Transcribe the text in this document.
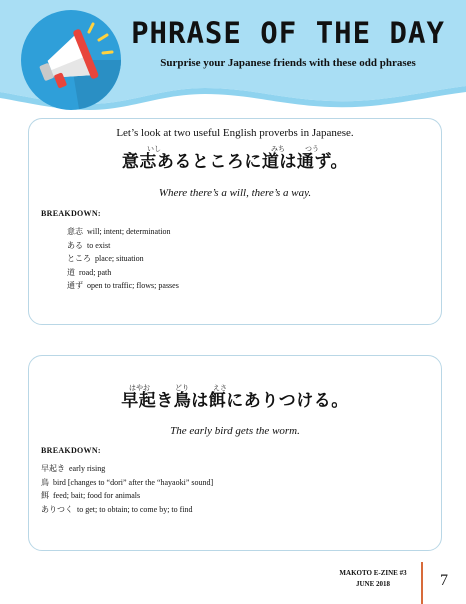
PHRASE OF THE DAY
Surprise your Japanese friends with these odd phrases
Let’s look at two useful English proverbs in Japanese.
いし	みち	つう
意志あるところに道は通ず。
Where there’s a will, there’s a way.
BREAKDOWN:
意志 will; intent; determination
ある to exist
ところ place; situation
道 road; path
通ず open to traffic; flows; passes
はやお	どり	えさ
早起き鳥は餌にありつける。
The early bird gets the worm.
BREAKDOWN:
早起き early rising
鳥 bird [changes to “dori” after the “hayaoki” sound]
餌 feed; bait; food for animals
ありつく to get; to obtain; to come by; to find
MAKOTO E-ZINE #3
JUNE 2018	7
